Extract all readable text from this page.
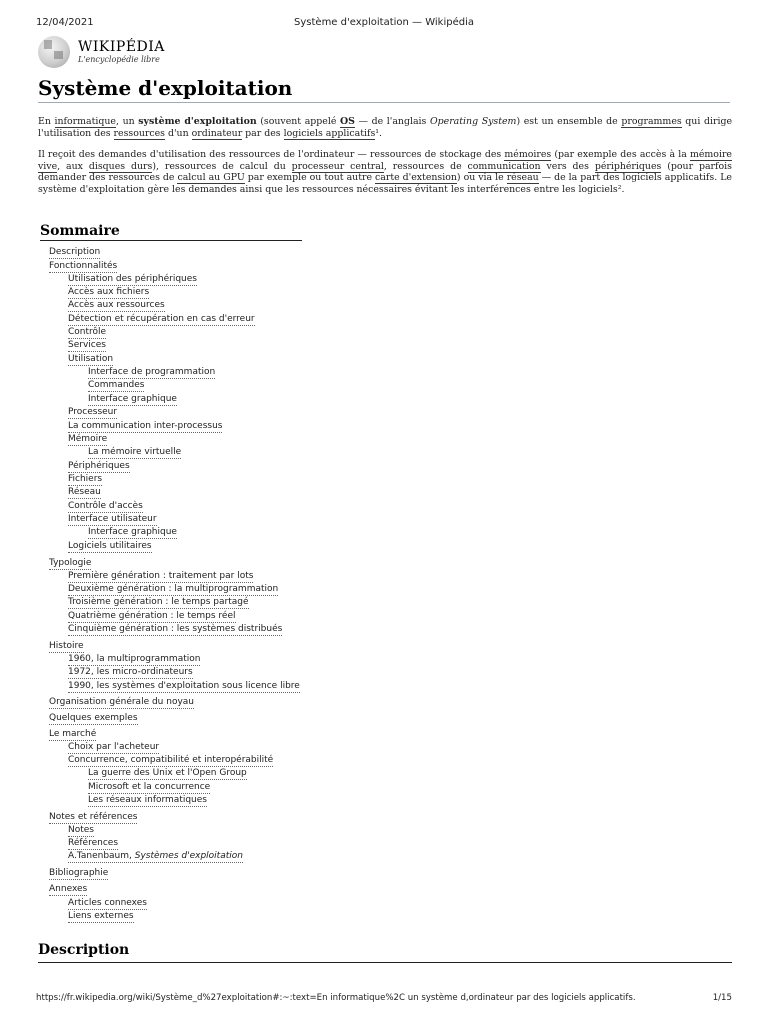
12/04/2021	Système d'exploitation — Wikipédia
WIKIPÉDIA
L'encyclopédie libre
Système d'exploitation

En informatique, un système d'exploitation (souvent appelé OS — de l'anglais Operating System) est un ensemble de programmes qui dirige l'utilisation des ressources d'un ordinateur par des logiciels applicatifs¹.

Il reçoit des demandes d'utilisation des ressources de l'ordinateur — ressources de stockage des mémoires (par exemple des accès à la mémoire vive, aux disques durs), ressources de calcul du processeur central, ressources de communication vers des périphériques (pour parfois demander des ressources de calcul au GPU par exemple ou tout autre carte d'extension) ou via le réseau — de la part des logiciels applicatifs. Le système d'exploitation gère les demandes ainsi que les ressources nécessaires évitant les interférences entre les logiciels².

Sommaire
Description
Fonctionnalités
Utilisation des périphériques
Accès aux fichiers
Accès aux ressources
Détection et récupération en cas d'erreur
Contrôle
Services
Utilisation
Interface de programmation
Commandes
Interface graphique
Processeur
La communication inter-processus
Mémoire
La mémoire virtuelle
Périphériques
Fichiers
Réseau
Contrôle d'accès
Interface utilisateur
Interface graphique
Logiciels utilitaires
Typologie
Première génération : traitement par lots
Deuxième génération : la multiprogrammation
Troisième génération : le temps partagé
Quatrième génération : le temps réel
Cinquième génération : les systèmes distribués
Histoire
1960, la multiprogrammation
1972, les micro-ordinateurs
1990, les systèmes d'exploitation sous licence libre
Organisation générale du noyau
Quelques exemples
Le marché
Choix par l'acheteur
Concurrence, compatibilité et interopérabilité
La guerre des Unix et l'Open Group
Microsoft et la concurrence
Les réseaux informatiques
Notes et références
Notes
Références
A.Tanenbaum, Systèmes d'exploitation
Bibliographie
Annexes
Articles connexes
Liens externes
Description
https://fr.wikipedia.org/wiki/Système_d%27exploitation#:~:text=En informatique%2C un système d,ordinateur par des logiciels applicatifs.	1/15
